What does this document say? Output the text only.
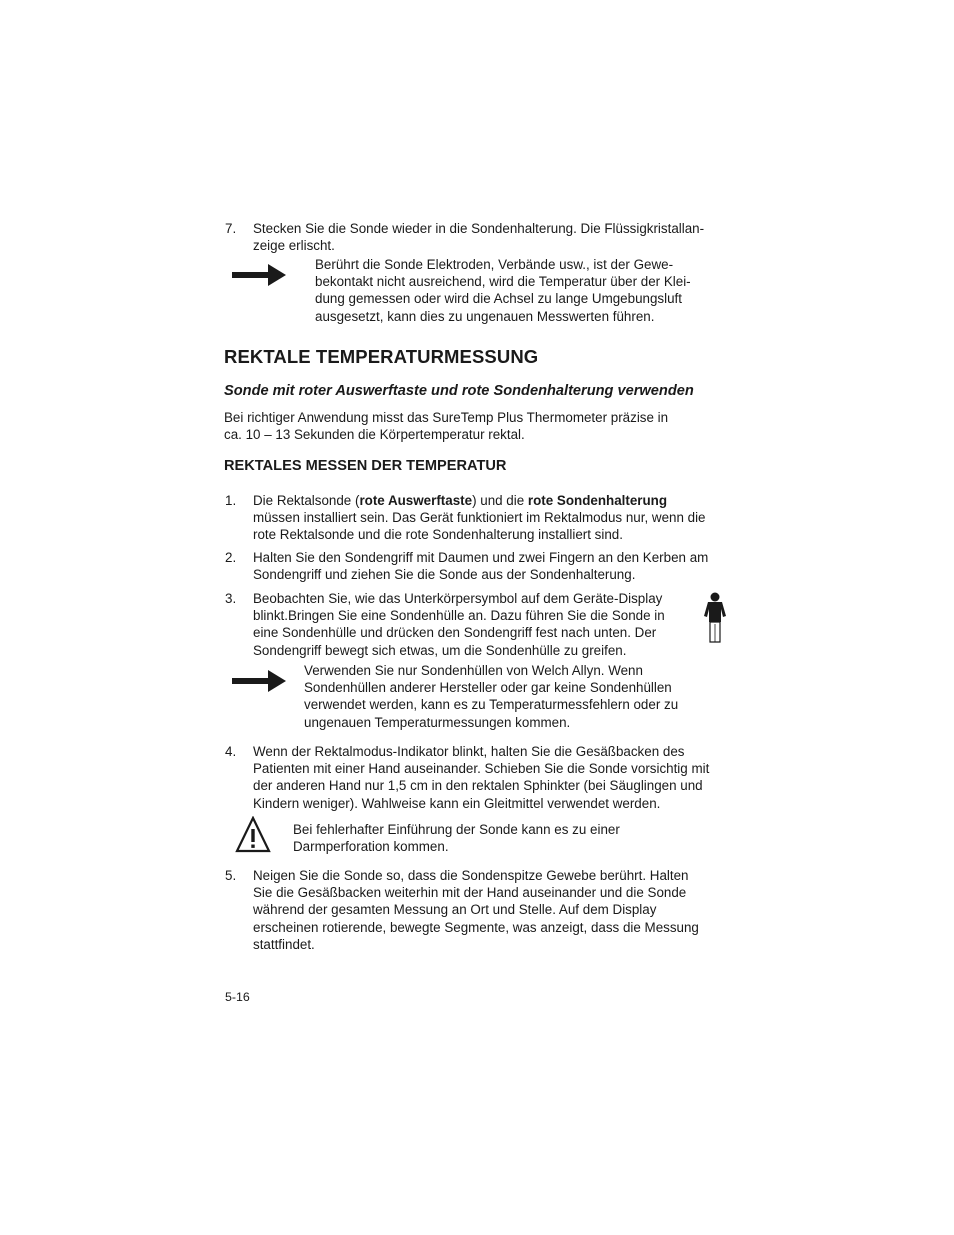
7. Stecken Sie die Sonde wieder in die Sondenhalterung. Die Flüssigkristallan-
zeige erlischt.
Berührt die Sonde Elektroden, Verbände usw., ist der Gewe-
bekontakt nicht ausreichend, wird die Temperatur über der Klei-
dung gemessen oder wird die Achsel zu lange Umgebungsluft
ausgesetzt, kann dies zu ungenauen Messwerten führen.
REKTALE TEMPERATURMESSUNG
Sonde mit roter Auswerftaste und rote Sondenhalterung verwenden
Bei richtiger Anwendung misst das SureTemp Plus Thermometer präzise in
ca. 10 – 13 Sekunden die Körpertemperatur rektal.
REKTALES MESSEN DER TEMPERATUR
1. Die Rektalsonde (rote Auswerftaste) und die rote Sondenhalterung
müssen installiert sein. Das Gerät funktioniert im Rektalmodus nur, wenn die
rote Rektalsonde und die rote Sondenhalterung installiert sind.
2. Halten Sie den Sondengriff mit Daumen und zwei Fingern an den Kerben am
Sondengriff und ziehen Sie die Sonde aus der Sondenhalterung.
3. Beobachten Sie, wie das Unterkörpersymbol auf dem Geräte-Display
blinkt.Bringen Sie eine Sondenhülle an. Dazu führen Sie die Sonde in
eine Sondenhülle und drücken den Sondengriff fest nach unten. Der
Sondengriff bewegt sich etwas, um die Sondenhülle zu greifen.
Verwenden Sie nur Sondenhüllen von Welch Allyn. Wenn
Sondenhüllen anderer Hersteller oder gar keine Sondenhüllen
verwendet werden, kann es zu Temperaturmessfehlern oder zu
ungenauen Temperaturmessungen kommen.
4. Wenn der Rektalmodus-Indikator blinkt, halten Sie die Gesäßbacken des
Patienten mit einer Hand auseinander. Schieben Sie die Sonde vorsichtig mit
der anderen Hand nur 1,5 cm in den rektalen Sphinkter (bei Säuglingen und
Kindern weniger). Wahlweise kann ein Gleitmittel verwendet werden.
Bei fehlerhafter Einführung der Sonde kann es zu einer
Darmperforation kommen.
5. Neigen Sie die Sonde so, dass die Sondenspitze Gewebe berührt. Halten
Sie die Gesäßbacken weiterhin mit der Hand auseinander und die Sonde
während der gesamten Messung an Ort und Stelle. Auf dem Display
erscheinen rotierende, bewegte Segmente, was anzeigt, dass die Messung
stattfindet.
5-16
